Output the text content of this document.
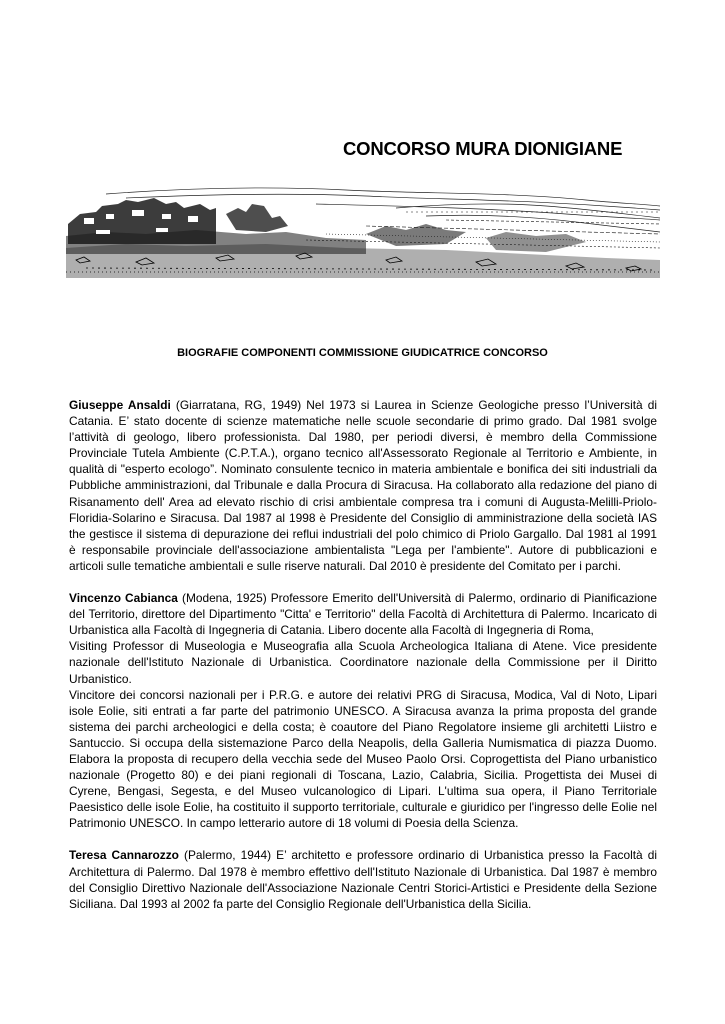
CONCORSO MURA DIONIGIANE
BIOGRAFIE COMPONENTI COMMISSIONE GIUDICATRICE CONCORSO

Giuseppe Ansaldi (Giarratana, RG, 1949) Nel 1973 si Laurea in Scienze Geologiche presso l’Università di Catania. E’ stato docente di scienze matematiche nelle scuole secondarie di primo grado. Dal 1981 svolge l’attività di geologo, libero professionista. Dal 1980, per periodi diversi, è membro della Commissione Provinciale Tutela Ambiente (C.P.T.A.), organo tecnico all'Assessorato Regionale al Territorio e Ambiente, in qualità di "esperto ecologo”. Nominato consulente tecnico in materia ambientale e bonifica dei siti industriali da Pubbliche amministrazioni, dal Tribunale e dalla Procura di Siracusa. Ha collaborato alla redazione del piano di Risanamento dell' Area ad elevato rischio di crisi ambientale compresa tra i comuni di Augusta-Melilli-Priolo-Floridia-Solarino e Siracusa. Dal 1987 al 1998 è Presidente del Consiglio di amministrazione della società IAS the gestisce il sistema di depurazione dei reflui industriali del polo chimico di Priolo Gargallo. Dal 1981 al 1991 è responsabile provinciale dell'associazione ambientalista "Lega per l'ambiente". Autore di pubblicazioni e articoli sulle tematiche ambientali e sulle riserve naturali. Dal 2010 è presidente del Comitato per i parchi.

Vincenzo Cabianca (Modena, 1925) Professore Emerito dell'Università di Palermo, ordinario di Pianificazione del Territorio, direttore del Dipartimento "Citta' e Territorio" della Facoltà di Architettura di Palermo. Incaricato di Urbanistica alla Facoltà di Ingegneria di Catania. Libero docente alla Facoltà di Ingegneria di Roma,

Visiting Professor di Museologia e Museografia alla Scuola Archeologica Italiana di Atene. Vice presidente nazionale dell'Istituto Nazionale di Urbanistica. Coordinatore nazionale della Commissione per il Diritto Urbanistico.

Vincitore dei concorsi nazionali per i P.R.G. e autore dei relativi PRG di Siracusa, Modica, Val di Noto, Lipari isole Eolie, siti entrati a far parte del patrimonio UNESCO. A Siracusa avanza la prima proposta del grande sistema dei parchi archeologici e della costa; è coautore del Piano Regolatore insieme gli architetti Liistro e Santuccio. Si occupa della sistemazione Parco della Neapolis, della Galleria Numismatica di piazza Duomo. Elabora la proposta di recupero della vecchia sede del Museo Paolo Orsi. Coprogettista del Piano urbanistico nazionale (Progetto 80) e dei piani regionali di Toscana, Lazio, Calabria, Sicilia. Progettista dei Musei di Cyrene, Bengasi, Segesta, e del Museo vulcanologico di Lipari. L'ultima sua opera, il Piano Territoriale Paesistico delle isole Eolie, ha costituito il supporto territoriale, culturale e giuridico per l'ingresso delle Eolie nel Patrimonio UNESCO. In campo letterario autore di 18 volumi di Poesia della Scienza.

Teresa Cannarozzo (Palermo, 1944) E’ architetto e professore ordinario di Urbanistica presso la Facoltà di Architettura di Palermo. Dal 1978 è membro effettivo dell'Istituto Nazionale di Urbanistica. Dal 1987 è membro del Consiglio Direttivo Nazionale dell'Associazione Nazionale Centri Storici-Artistici e Presidente della Sezione Siciliana. Dal 1993 al 2002 fa parte del Consiglio Regionale dell'Urbanistica della Sicilia.
